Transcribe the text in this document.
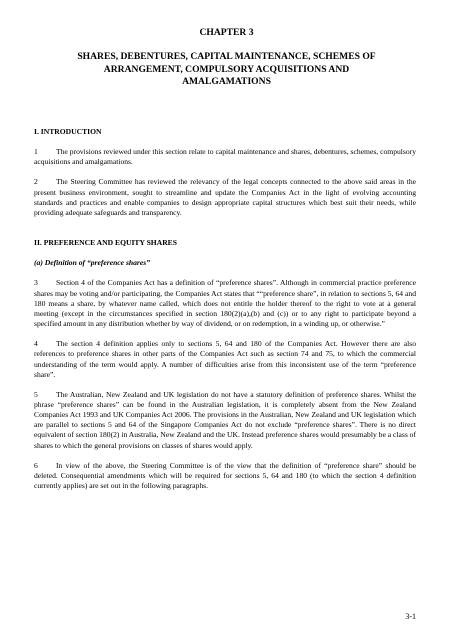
CHAPTER 3
SHARES, DEBENTURES, CAPITAL MAINTENANCE, SCHEMES OF ARRANGEMENT, COMPULSORY ACQUISITIONS AND AMALGAMATIONS
I. INTRODUCTION
1 The provisions reviewed under this section relate to capital maintenance and shares, debentures, schemes, compulsory acquisitions and amalgamations.
2 The Steering Committee has reviewed the relevancy of the legal concepts connected to the above said areas in the present business environment, sought to streamline and update the Companies Act in the light of evolving accounting standards and practices and enable companies to design appropriate capital structures which best suit their needs, while providing adequate safeguards and transparency.
II. PREFERENCE AND EQUITY SHARES
(a) Definition of “preference shares”
3 Section 4 of the Companies Act has a definition of “preference shares”. Although in commercial practice preference shares may be voting and/or participating, the Companies Act states that ““preference share”, in relation to sections 5, 64 and 180 means a share, by whatever name called, which does not entitle the holder thereof to the right to vote at a general meeting (except in the circumstances specified in section 180(2)(a),(b) and (c)) or to any right to participate beyond a specified amount in any distribution whether by way of dividend, or on redemption, in a winding up, or otherwise.”
4 The section 4 definition applies only to sections 5, 64 and 180 of the Companies Act. However there are also references to preference shares in other parts of the Companies Act such as section 74 and 75, to which the commercial understanding of the term would apply. A number of difficulties arise from this inconsistent use of the term “preference share”.
5 The Australian, New Zealand and UK legislation do not have a statutory definition of preference shares. Whilst the phrase “preference shares” can be found in the Australian legislation, it is completely absent from the New Zealand Companies Act 1993 and UK Companies Act 2006. The provisions in the Australian, New Zealand and UK legislation which are parallel to sections 5 and 64 of the Singapore Companies Act do not exclude “preference shares”. There is no direct equivalent of section 180(2) in Australia, New Zealand and the UK. Instead preference shares would presumably be a class of shares to which the general provisions on classes of shares would apply.
6 In view of the above, the Steering Committee is of the view that the definition of “preference share” should be deleted. Consequential amendments which will be required for sections 5, 64 and 180 (to which the section 4 definition currently applies) are set out in the following paragraphs.
3-1
